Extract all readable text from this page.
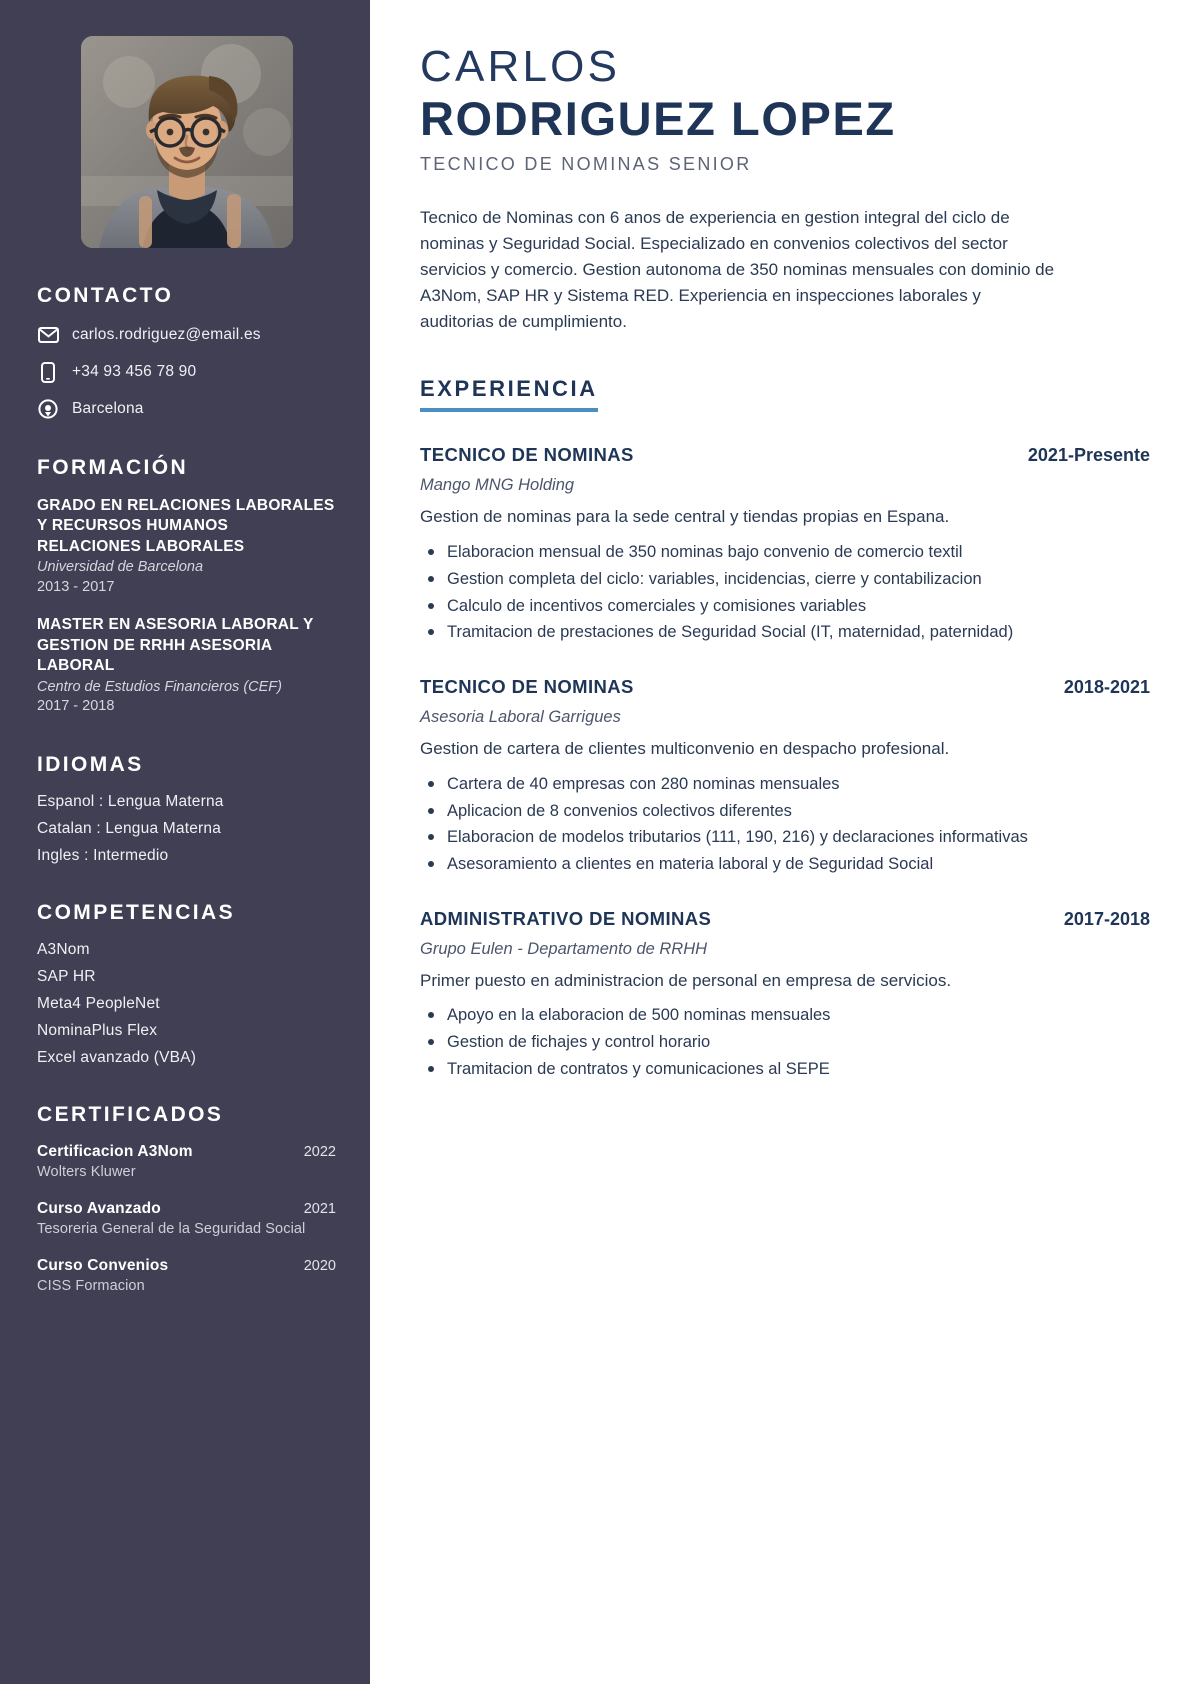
CONTACTO
carlos.rodriguez@email.es
+34 93 456 78 90
Barcelona
FORMACIÓN
GRADO EN RELACIONES LABORALES Y RECURSOS HUMANOS RELACIONES LABORALES
Universidad de Barcelona
2013 - 2017
MASTER EN ASESORIA LABORAL Y GESTION DE RRHH ASESORIA LABORAL
Centro de Estudios Financieros (CEF)
2017 - 2018
IDIOMAS
Espanol : Lengua Materna
Catalan : Lengua Materna
Ingles : Intermedio
COMPETENCIAS
A3Nom
SAP HR
Meta4 PeopleNet
NominaPlus Flex
Excel avanzado (VBA)
CERTIFICADOS
Certificacion A3Nom	2022
Wolters Kluwer
Curso Avanzado	2021
Tesoreria General de la Seguridad Social
Curso Convenios	2020
CISS Formacion
CARLOS
RODRIGUEZ LOPEZ
TECNICO DE NOMINAS SENIOR

Tecnico de Nominas con 6 anos de experiencia en gestion integral del ciclo de nominas y Seguridad Social. Especializado en convenios colectivos del sector servicios y comercio. Gestion autonoma de 350 nominas mensuales con dominio de A3Nom, SAP HR y Sistema RED. Experiencia en inspecciones laborales y auditorias de cumplimiento.

EXPERIENCIA
TECNICO DE NOMINAS	2021-Presente
Mango MNG Holding
Gestion de nominas para la sede central y tiendas propias en Espana.
Elaboracion mensual de 350 nominas bajo convenio de comercio textil
Gestion completa del ciclo: variables, incidencias, cierre y contabilizacion
Calculo de incentivos comerciales y comisiones variables
Tramitacion de prestaciones de Seguridad Social (IT, maternidad, paternidad)
TECNICO DE NOMINAS	2018-2021
Asesoria Laboral Garrigues
Gestion de cartera de clientes multiconvenio en despacho profesional.
Cartera de 40 empresas con 280 nominas mensuales
Aplicacion de 8 convenios colectivos diferentes
Elaboracion de modelos tributarios (111, 190, 216) y declaraciones informativas
Asesoramiento a clientes en materia laboral y de Seguridad Social
ADMINISTRATIVO DE NOMINAS	2017-2018
Grupo Eulen - Departamento de RRHH
Primer puesto en administracion de personal en empresa de servicios.
Apoyo en la elaboracion de 500 nominas mensuales
Gestion de fichajes y control horario
Tramitacion de contratos y comunicaciones al SEPE
